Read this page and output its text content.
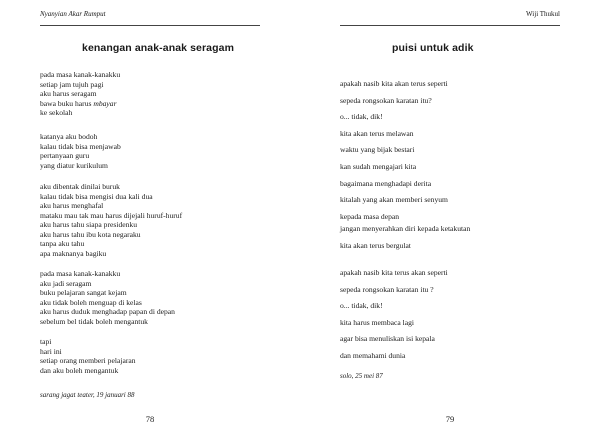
Nyanyian Akar Rumput
kenangan anak-anak seragam
pada masa kanak-kanakku
setiap jam tujuh pagi
aku harus seragam
bawa buku harus mbayar
ke sekolah
katanya aku bodoh
kalau tidak bisa menjawab
pertanyaan guru
yang diatur kurikulum
aku dibentak dinilai buruk
kalau tidak bisa mengisi dua kali dua
aku harus menghafal
mataku mau tak mau harus dijejali huruf-huruf
aku harus tahu siapa presidenku
aku harus tahu ibu kota negaraku
tanpa aku tahu
apa maknanya bagiku
pada masa kanak-kanakku
aku jadi seragam
buku pelajaran sangat kejam
aku tidak boleh menguap di kelas
aku harus duduk menghadap papan di depan
sebelum bel tidak boleh mengantuk
tapi
hari ini
setiap orang memberi pelajaran
dan aku boleh mengantuk
sarang jagat teater, 19 januari 88
78
Wiji Thukul
puisi untuk adik
apakah nasib kita akan terus seperti
sepeda rongsokan karatan itu?
o... tidak, dik!
kita akan terus melawan
waktu yang bijak bestari
kan sudah mengajari kita
bagaimana menghadapi derita
kitalah yang akan memberi senyum
kepada masa depan
jangan menyerahkan diri kepada ketakutan
kita akan terus bergulat
apakah nasib kita terus akan seperti
sepeda rongsokan karatan itu ?
o... tidak, dik!
kita harus membaca lagi
agar bisa menuliskan isi kepala
dan memahami dunia
solo, 25 mei 87
79
